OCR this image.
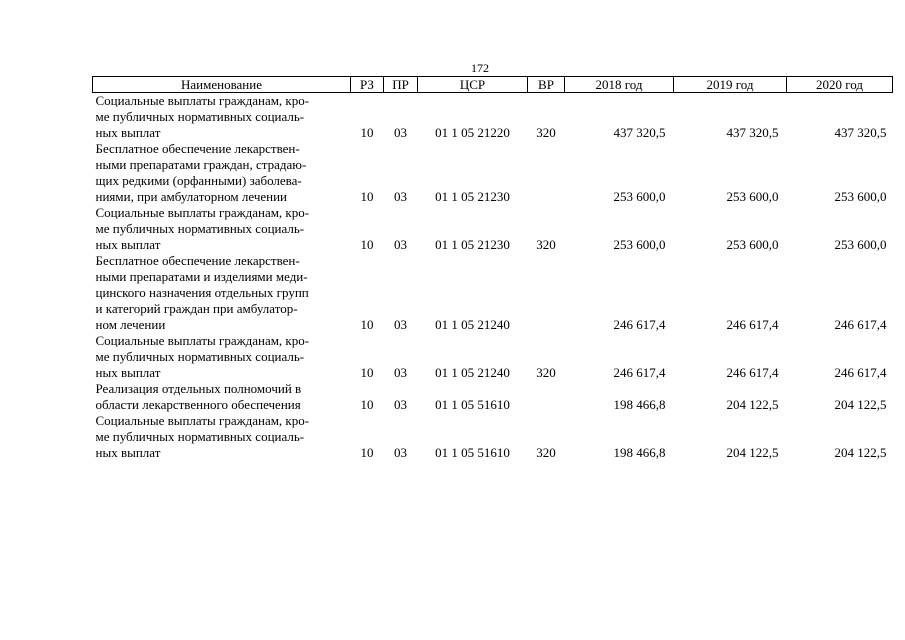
172
Наименование	РЗ	ПР	ЦСР	ВР	2018 год	2019 год	2020 год

Социальные выплаты гражданам, кро-
ме публичных нормативных социаль-
ных выплат	10	03	01 1 05 21220	320	437 320,5	437 320,5	437 320,5

Бесплатное обеспечение лекарствен-
ными препаратами граждан, страдаю-
щих редкими (орфанными) заболева-
ниями, при амбулаторном лечении	10	03	01 1 05 21230		253 600,0	253 600,0	253 600,0

Социальные выплаты гражданам, кро-
ме публичных нормативных социаль-
ных выплат	10	03	01 1 05 21230	320	253 600,0	253 600,0	253 600,0

Бесплатное обеспечение лекарствен-
ными препаратами и изделиями меди-
цинского назначения отдельных групп
и категорий граждан при амбулатор-
ном лечении	10	03	01 1 05 21240		246 617,4	246 617,4	246 617,4

Социальные выплаты гражданам, кро-
ме публичных нормативных социаль-
ных выплат	10	03	01 1 05 21240	320	246 617,4	246 617,4	246 617,4

Реализация отдельных полномочий в
области лекарственного обеспечения	10	03	01 1 05 51610		198 466,8	204 122,5	204 122,5

Социальные выплаты гражданам, кро-
ме публичных нормативных социаль-
ных выплат	10	03	01 1 05 51610	320	198 466,8	204 122,5	204 122,5
